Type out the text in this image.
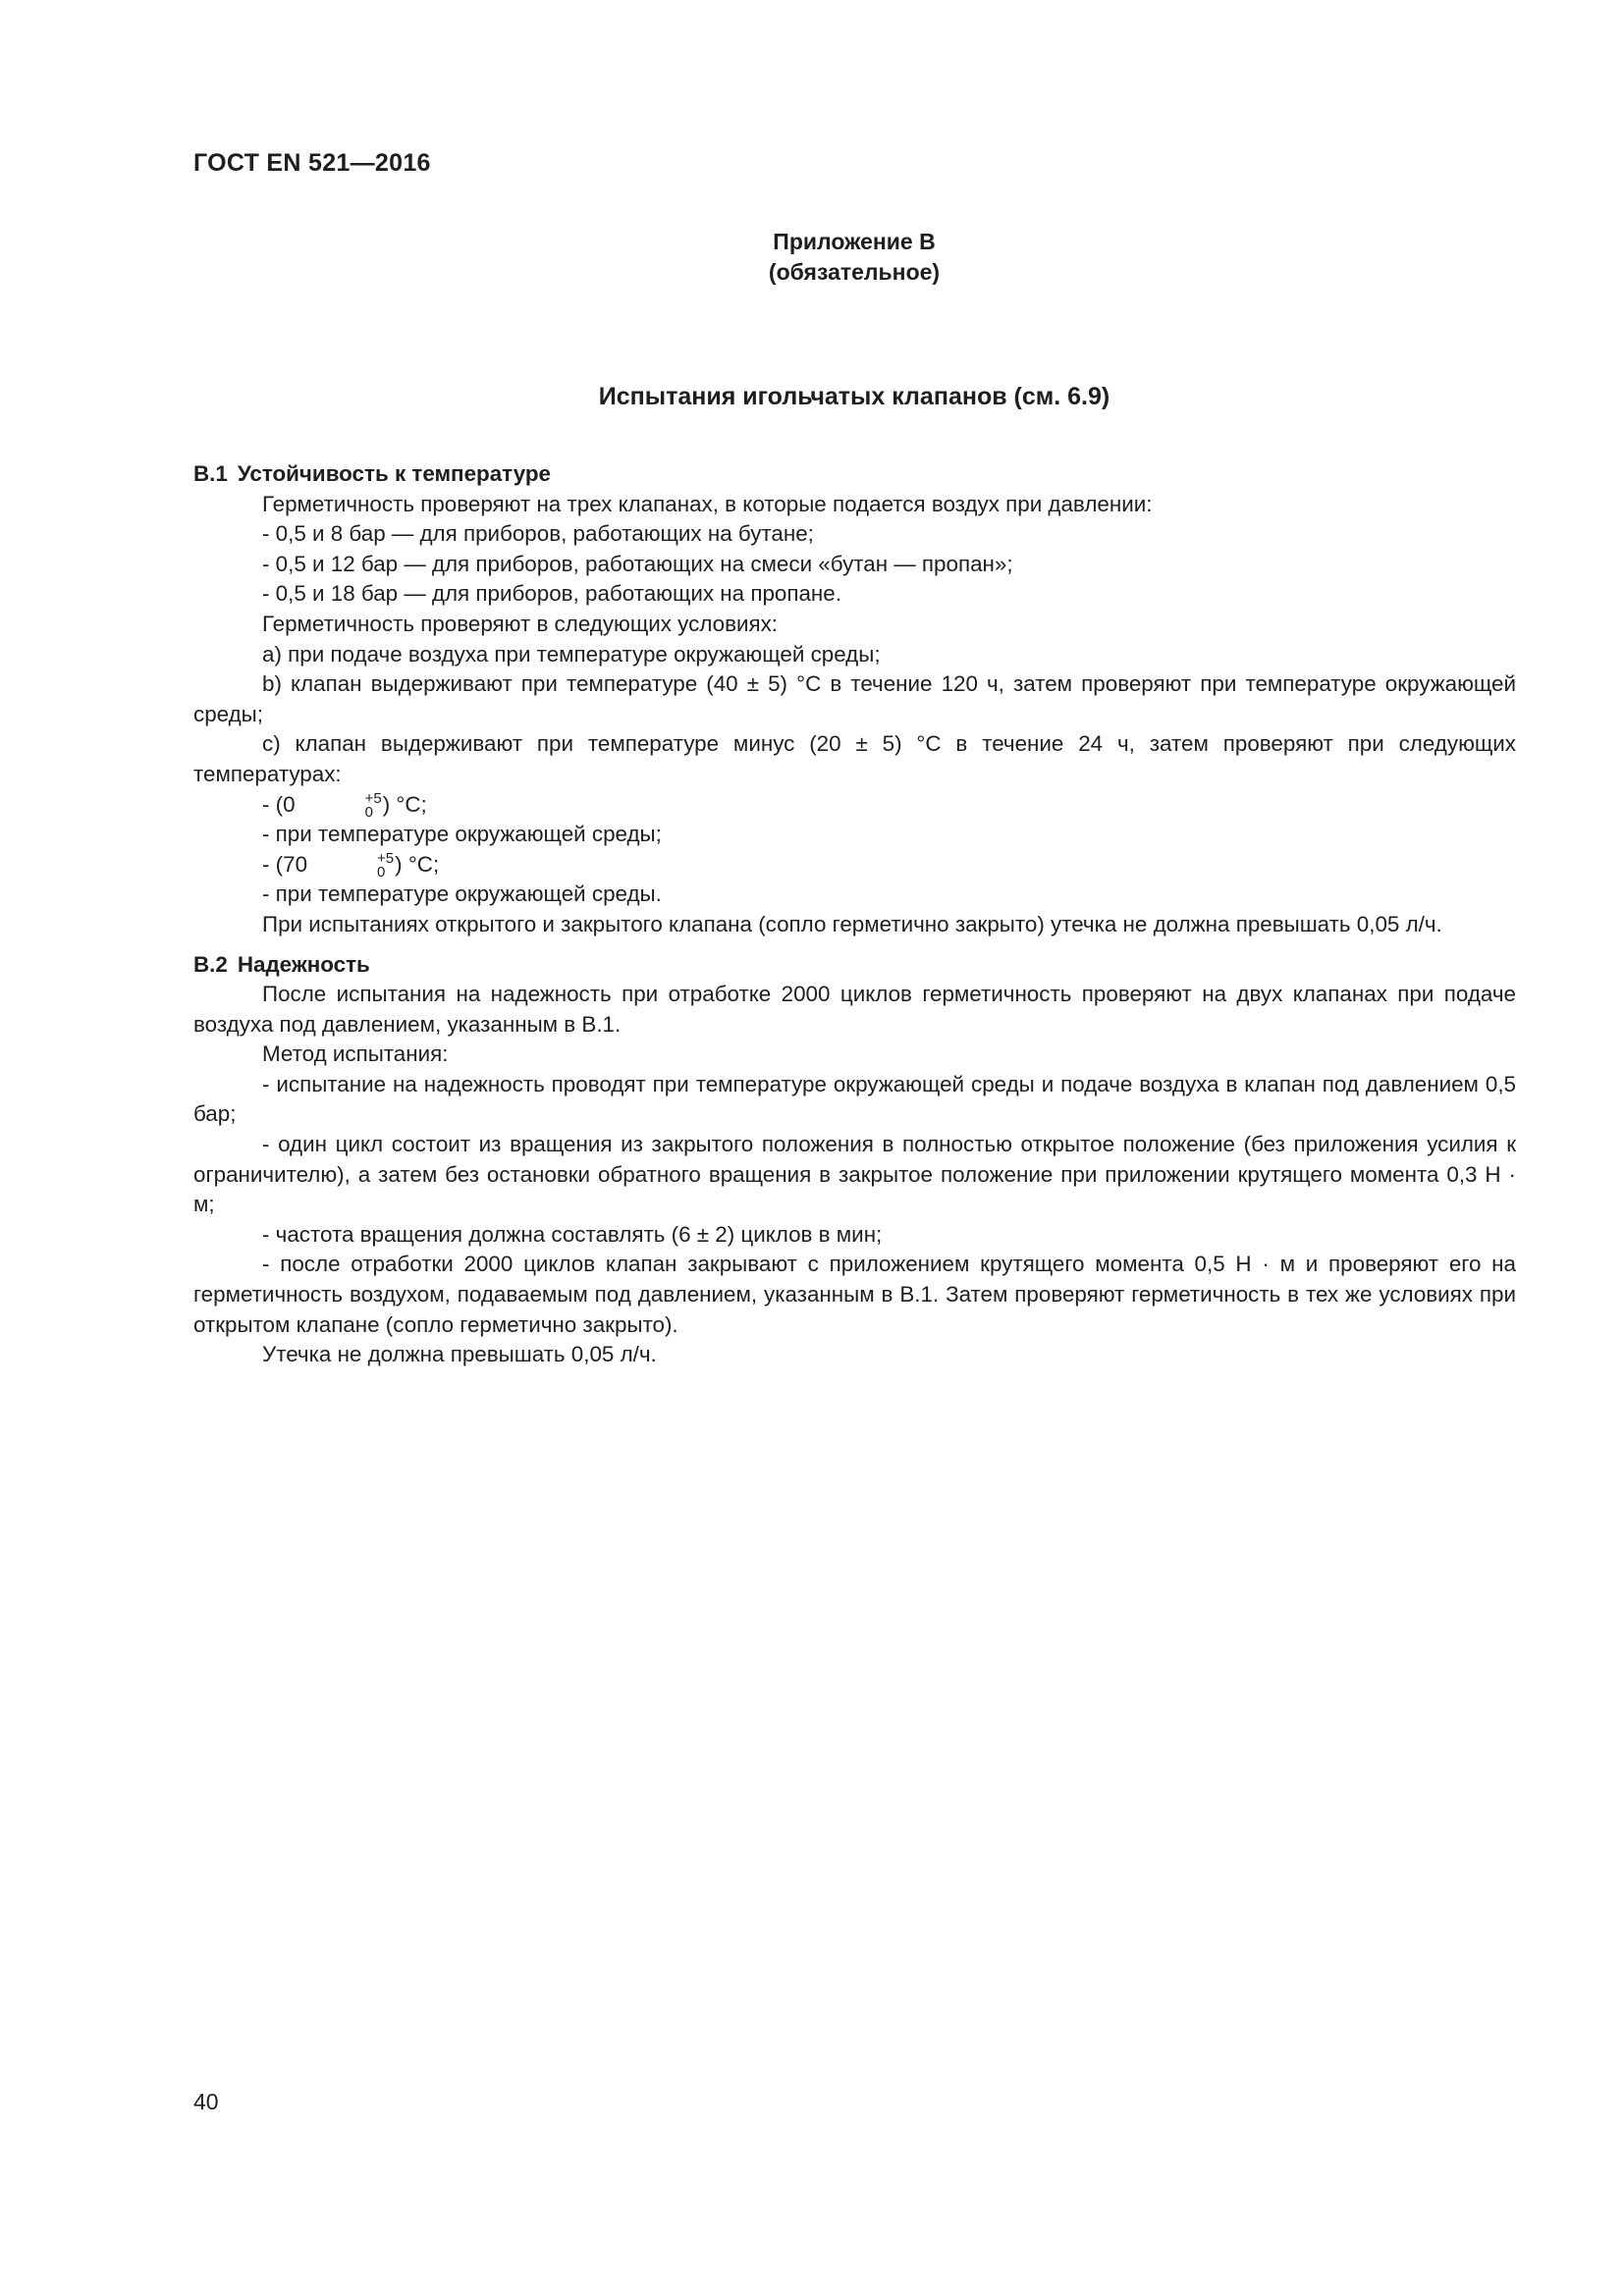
ГОСТ EN 521—2016
Приложение В
(обязательное)
Испытания игольчатых клапанов (см. 6.9)

В.1 Устойчивость к температуре

Герметичность проверяют на трех клапанах, в которые подается воздух при давлении:

- 0,5 и 8 бар — для приборов, работающих на бутане;

- 0,5 и 12 бар — для приборов, работающих на смеси «бутан — пропан»;

- 0,5 и 18 бар — для приборов, работающих на пропане.

Герметичность проверяют в следующих условиях:

a) при подаче воздуха при температуре окружающей среды;

b) клапан выдерживают при температуре (40 ± 5) °С в течение 120 ч, затем проверяют при температуре окружающей среды;

c) клапан выдерживают при температуре минус (20 ± 5) °С в течение 24 ч, затем проверяют при следующих температурах:

- (0	+5
0 ) °С;

- при температуре окружающей среды;

- (70	+5
0 ) °С;

- при температуре окружающей среды.

При испытаниях открытого и закрытого клапана (сопло герметично закрыто) утечка не должна превышать 0,05 л/ч.

В.2 Надежность

После испытания на надежность при отработке 2000 циклов герметичность проверяют на двух клапанах при подаче воздуха под давлением, указанным в В.1.

Метод испытания:

- испытание на надежность проводят при температуре окружающей среды и подаче воздуха в клапан под давлением 0,5 бар;

- один цикл состоит из вращения из закрытого положения в полностью открытое положение (без приложения усилия к ограничителю), а затем без остановки обратного вращения в закрытое положение при приложении крутящего момента 0,3 Н · м;

- частота вращения должна составлять (6 ± 2) циклов в мин;

- после отработки 2000 циклов клапан закрывают с приложением крутящего момента 0,5 Н · м и проверяют его на герметичность воздухом, подаваемым под давлением, указанным в В.1. Затем проверяют герметичность в тех же условиях при открытом клапане (сопло герметично закрыто).

Утечка не должна превышать 0,05 л/ч.

40
